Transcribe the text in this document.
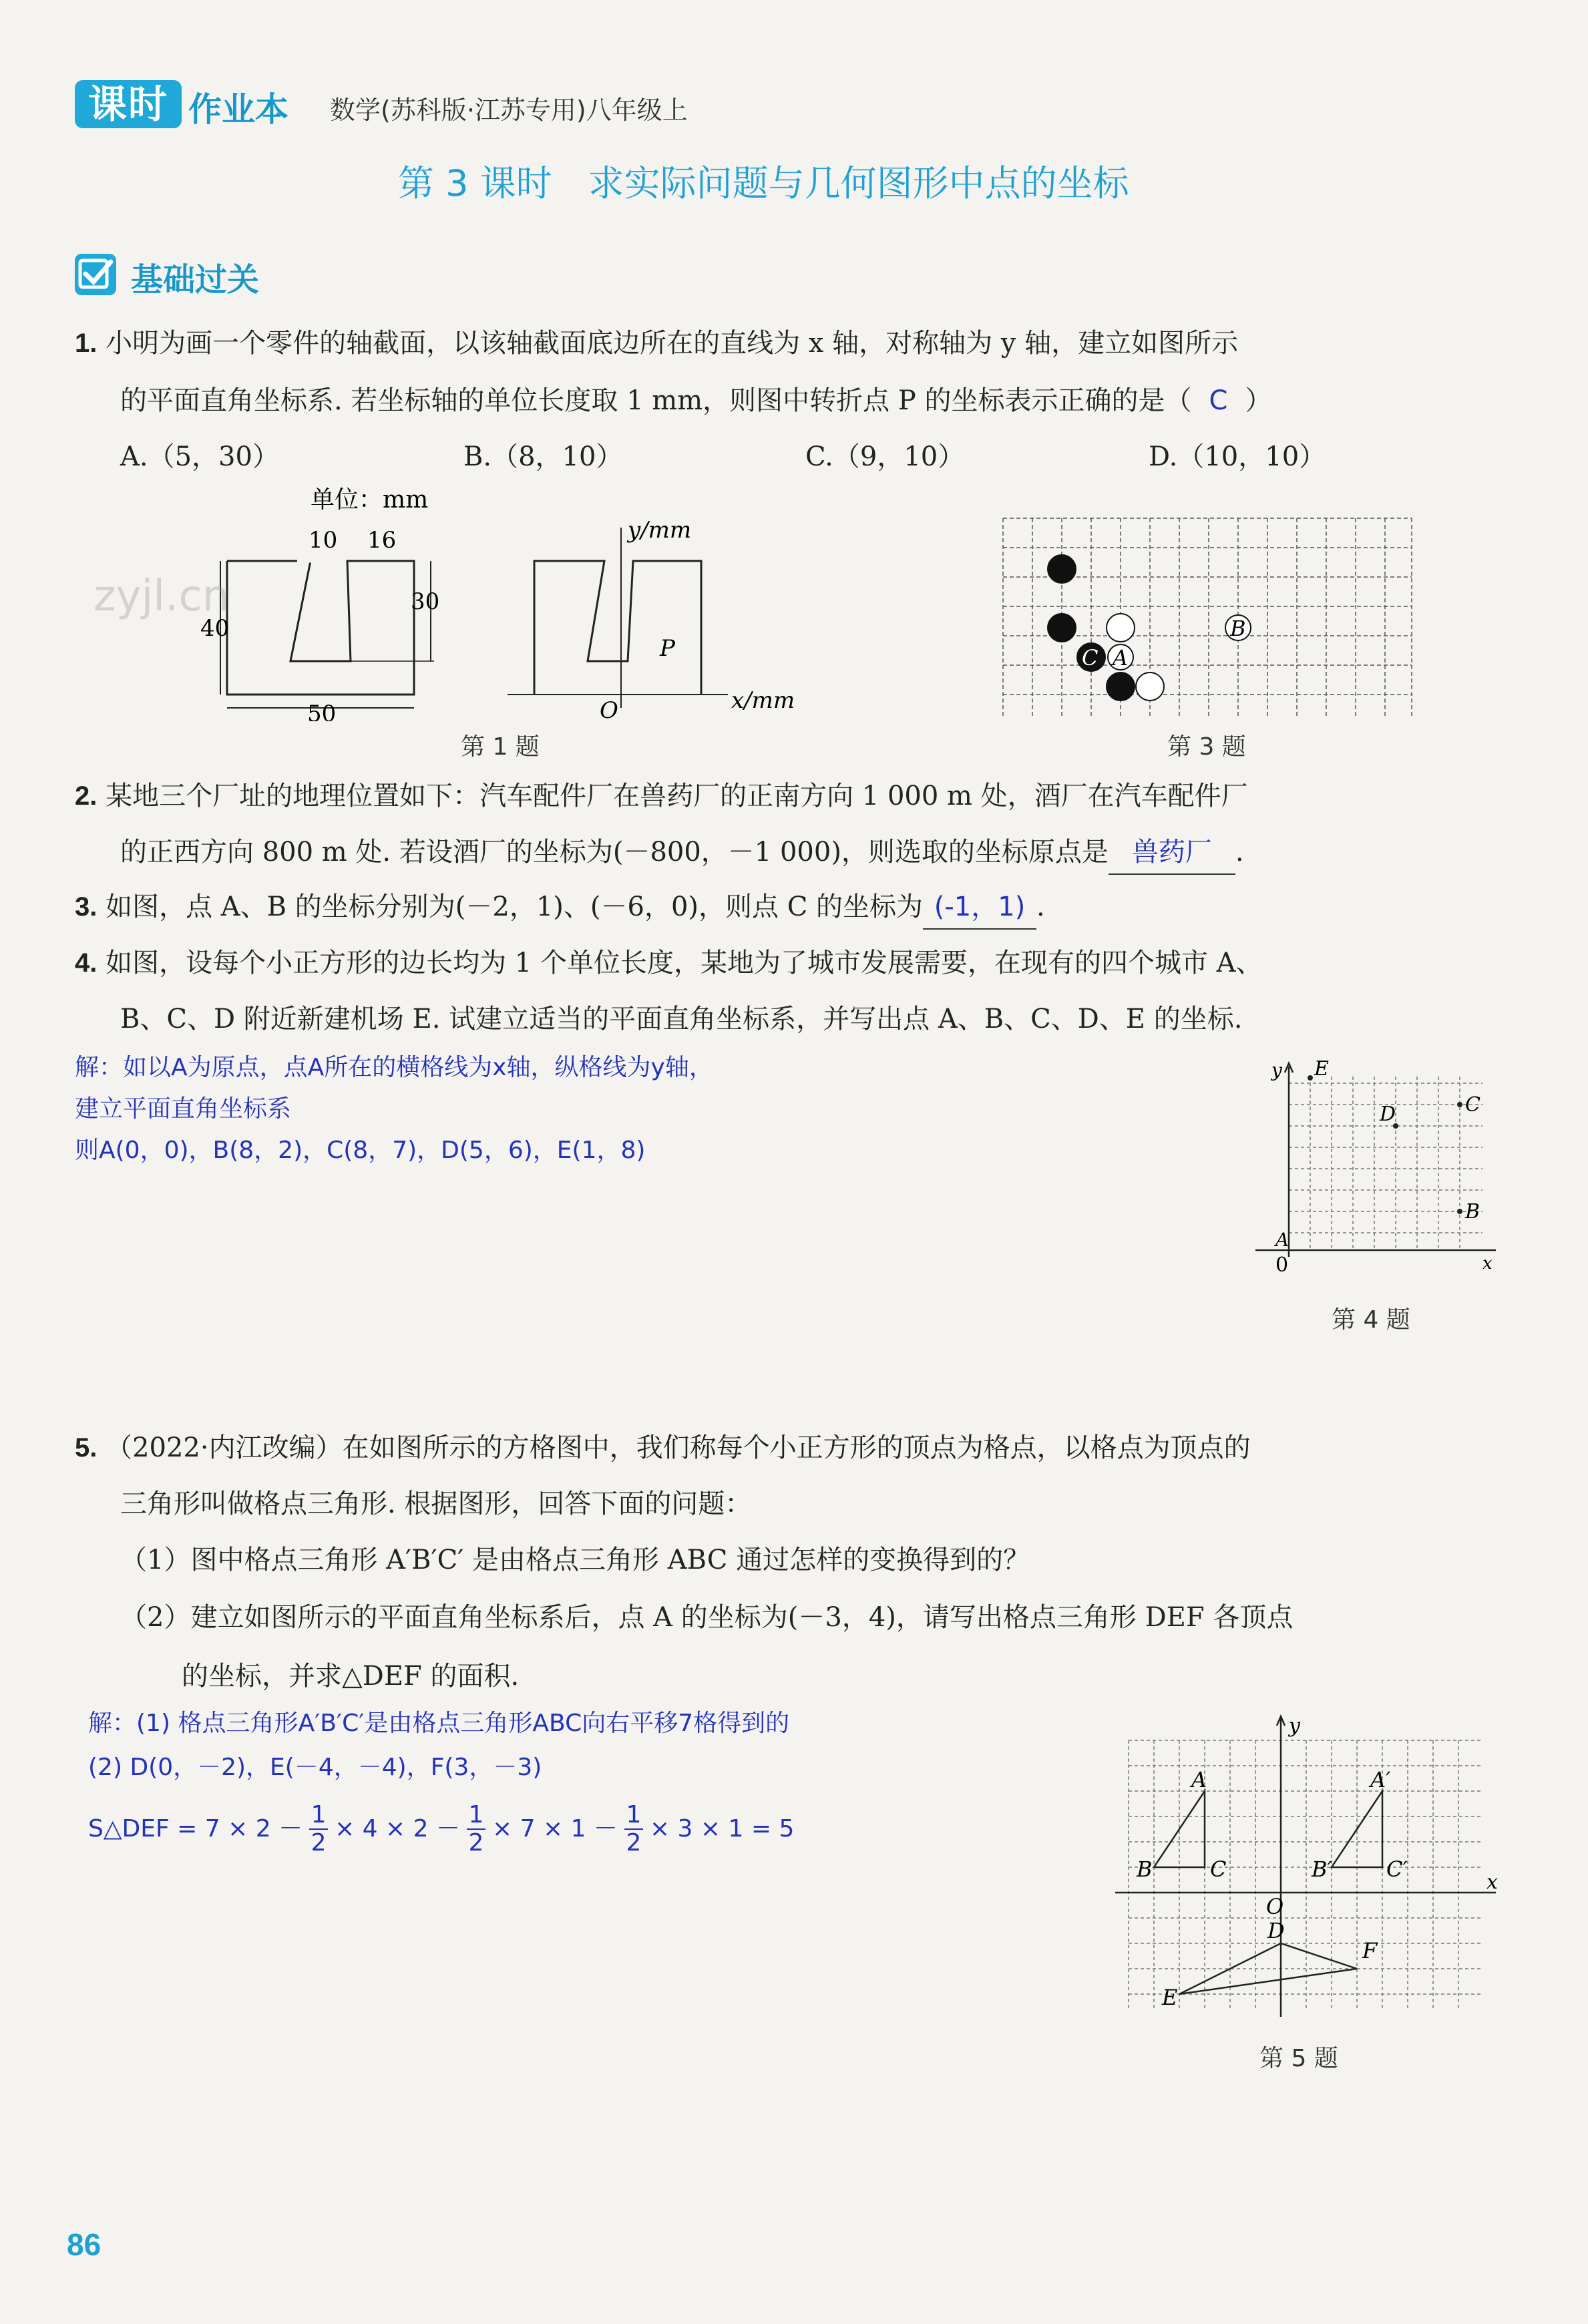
课时 作业本 数学(苏科版·江苏专用)八年级上
第 3 课时　求实际问题与几何图形中点的坐标
基础过关
1. 小明为画一个零件的轴截面，以该轴截面底边所在的直线为 x 轴，对称轴为 y 轴，建立如图所示
的平面直角坐标系. 若坐标轴的单位长度取 1 mm，则图中转折点 P 的坐标表示正确的是（ C ）
A.（5，30）	B.（8，10）	C.（9，10）	D.（10，10）
单位：mm
10 16
30
40
50
y/mm
x/mm
O
P
第 1 题
B
C A
第 3 题
2. 某地三个厂址的地理位置如下：汽车配件厂在兽药厂的正南方向 1 000 m 处，酒厂在汽车配件厂
的正西方向 800 m 处. 若设酒厂的坐标为(－800，－1 000)，则选取的坐标原点是 兽药厂 .
3. 如图，点 A、B 的坐标分别为(－2，1)、(－6，0)，则点 C 的坐标为 (-1，1) .
4. 如图，设每个小正方形的边长均为 1 个单位长度，某地为了城市发展需要，在现有的四个城市 A、
B、C、D 附近新建机场 E. 试建立适当的平面直角坐标系，并写出点 A、B、C、D、E 的坐标.
解：如以A为原点，点A所在的横格线为x轴，纵格线为y轴，
建立平面直角坐标系
则A(0，0)，B(8，2)，C(8，7)，D(5，6)，E(1，8)
y E
D	C
B
A
0	x
第 4 题
5. （2022·内江改编）在如图所示的方格图中，我们称每个小正方形的顶点为格点，以格点为顶点的
三角形叫做格点三角形. 根据图形，回答下面的问题：
（1）图中格点三角形 A′B′C′ 是由格点三角形 ABC 通过怎样的变换得到的？
（2）建立如图所示的平面直角坐标系后，点 A 的坐标为(－3，4)，请写出格点三角形 DEF 各顶点
的坐标，并求△DEF 的面积.
解：(1) 格点三角形A′B′C′是由格点三角形ABC向右平移7格得到的
(2) D(0，－2)，E(－4，－4)，F(3，－3)
S△DEF = 7 × 2 －
1
2
× 4 × 2 －
1
2
× 7 × 1 －
1
2
× 3 × 1 = 5
y
A	A′
B	C	B′	C′
O
x
D
F
E
第 5 题
zyjl.cn
86
